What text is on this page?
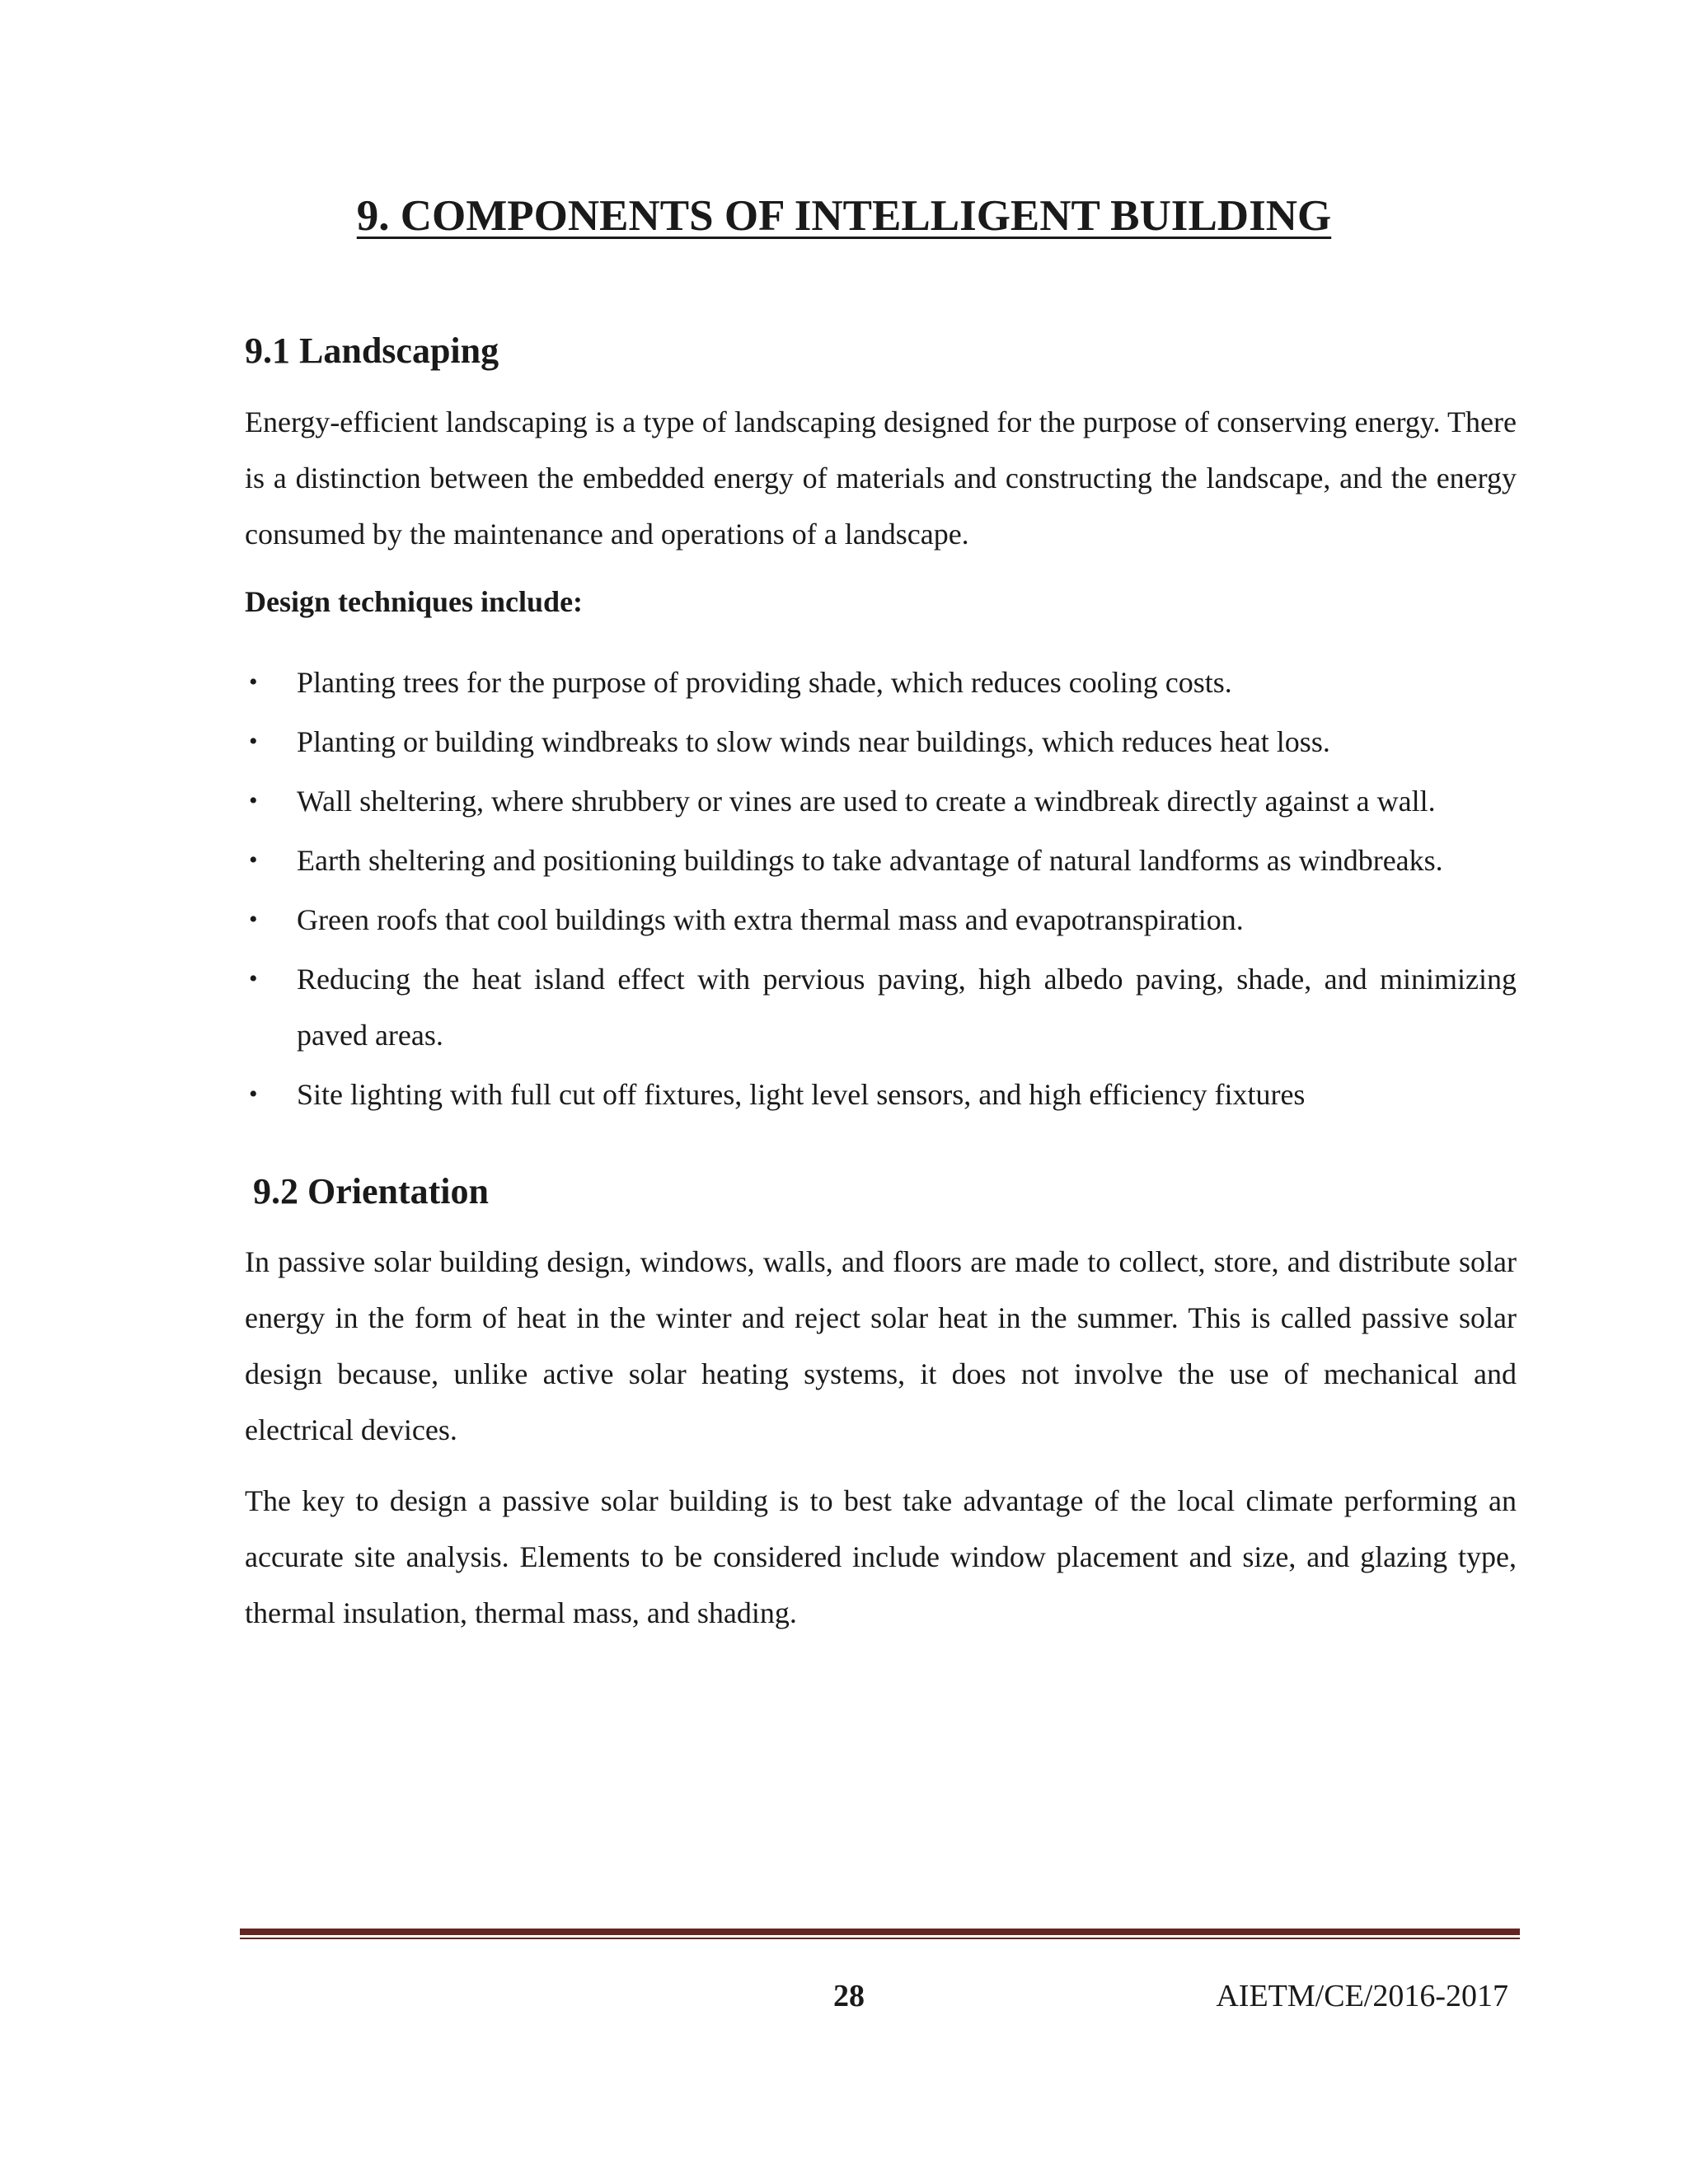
9. COMPONENTS OF INTELLIGENT BUILDING
9.1 Landscaping

Energy-efficient landscaping is a type of landscaping designed for the purpose of conserving energy. There is a distinction between the embedded energy of materials and constructing the landscape, and the energy consumed by the maintenance and operations of a landscape.

Design techniques include:

• Planting trees for the purpose of providing shade, which reduces cooling costs.
• Planting or building windbreaks to slow winds near buildings, which reduces heat loss.
• Wall sheltering, where shrubbery or vines are used to create a windbreak directly against a wall.
• Earth sheltering and positioning buildings to take advantage of natural landforms as windbreaks.
• Green roofs that cool buildings with extra thermal mass and evapotranspiration.
• Reducing the heat island effect with pervious paving, high albedo paving, shade, and minimizing paved areas.
• Site lighting with full cut off fixtures, light level sensors, and high efficiency fixtures
9.2 Orientation

In passive solar building design, windows, walls, and floors are made to collect, store, and distribute solar energy in the form of heat in the winter and reject solar heat in the summer. This is called passive solar design because, unlike active solar heating systems, it does not involve the use of mechanical and electrical devices.

The key to design a passive solar building is to best take advantage of the local climate performing an accurate site analysis. Elements to be considered include window placement and size, and glazing type, thermal insulation, thermal mass, and shading.

28	AIETM/CE/2016-2017
